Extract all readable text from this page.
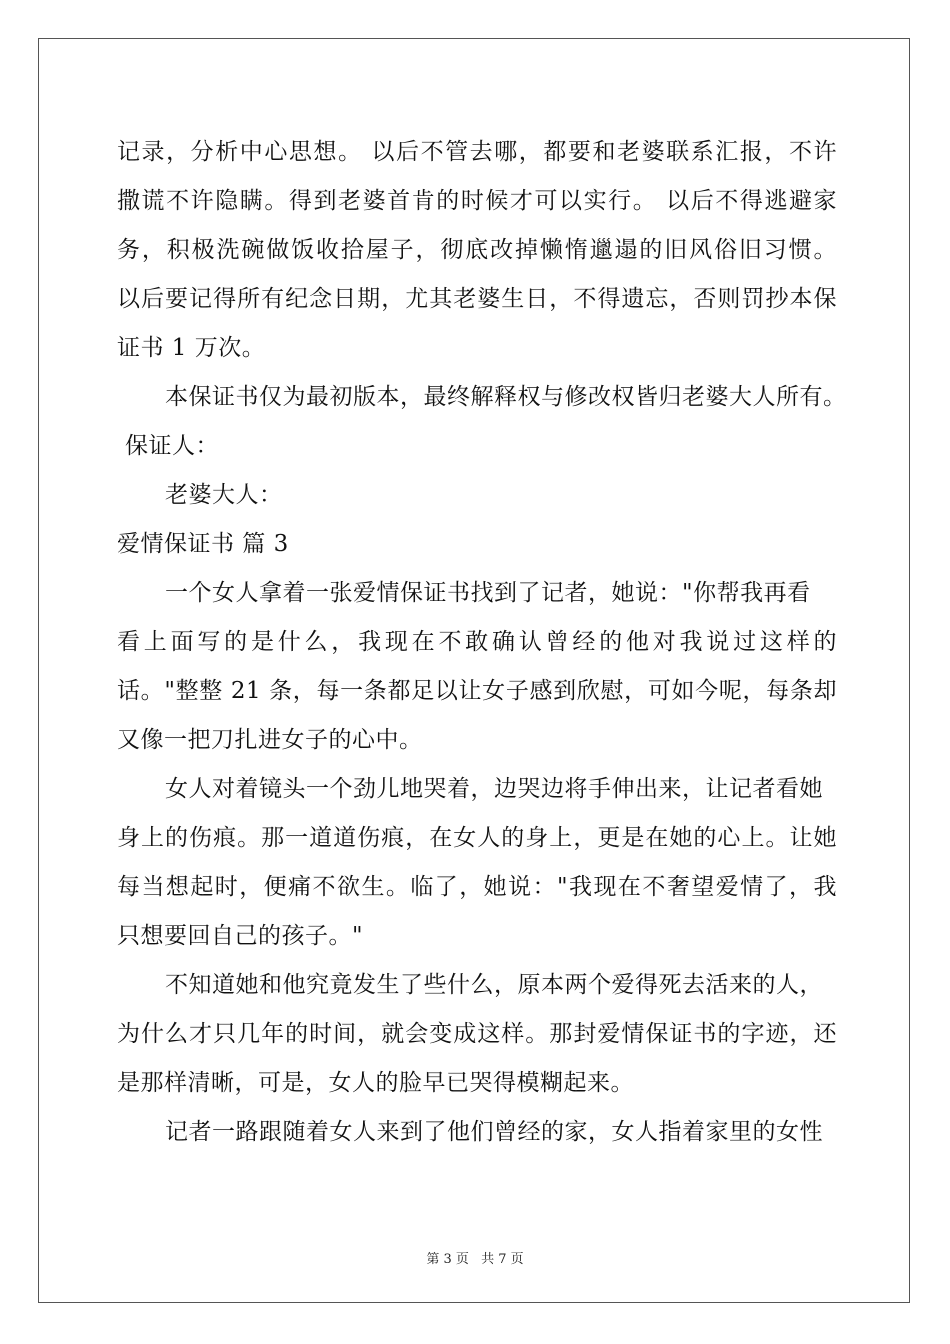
记录，分析中心思想。 以后不管去哪，都要和老婆联系汇报，不许
撒谎不许隐瞒。得到老婆首肯的时候才可以实行。 以后不得逃避家
务，积极洗碗做饭收拾屋子，彻底改掉懒惰邋遢的旧风俗旧习惯。
以后要记得所有纪念日期，尤其老婆生日，不得遗忘，否则罚抄本保
证书 1 万次。
本保证书仅为最初版本，最终解释权与修改权皆归老婆大人所有。
保证人：
老婆大人：
爱情保证书 篇 3
一个女人拿着一张爱情保证书找到了记者，她说："你帮我再看
看上面写的是什么，我现在不敢确认曾经的他对我说过这样的
话。"整整 21 条，每一条都足以让女子感到欣慰，可如今呢，每条却
又像一把刀扎进女子的心中。
女人对着镜头一个劲儿地哭着，边哭边将手伸出来，让记者看她
身上的伤痕。那一道道伤痕，在女人的身上，更是在她的心上。让她
每当想起时，便痛不欲生。临了，她说："我现在不奢望爱情了，我
只想要回自己的孩子。"
不知道她和他究竟发生了些什么，原本两个爱得死去活来的人，
为什么才只几年的时间，就会变成这样。那封爱情保证书的字迹，还
是那样清晰，可是，女人的脸早已哭得模糊起来。
记者一路跟随着女人来到了他们曾经的家，女人指着家里的女性
第 3 页 共 7 页
